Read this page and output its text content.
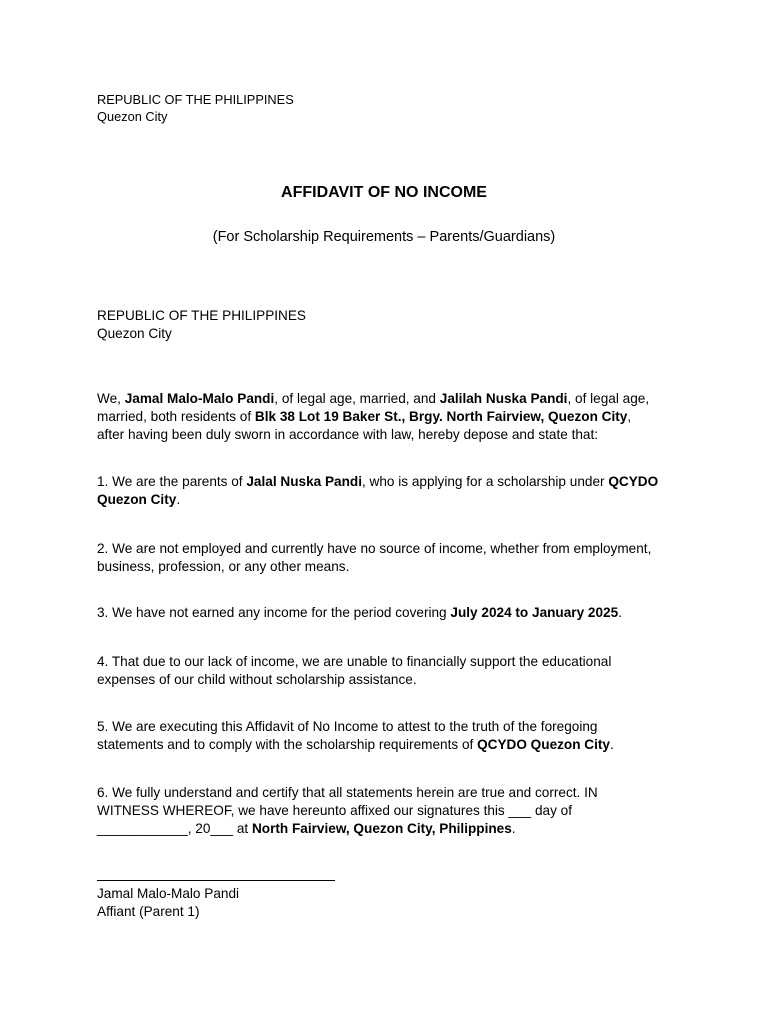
REPUBLIC OF THE PHILIPPINES
Quezon City
AFFIDAVIT OF NO INCOME
(For Scholarship Requirements – Parents/Guardians)
REPUBLIC OF THE PHILIPPINES
Quezon City
We, Jamal Malo-Malo Pandi, of legal age, married, and Jalilah Nuska Pandi, of legal age,
married, both residents of Blk 38 Lot 19 Baker St., Brgy. North Fairview, Quezon City,
after having been duly sworn in accordance with law, hereby depose and state that:
1. We are the parents of Jalal Nuska Pandi, who is applying for a scholarship under QCYDO
Quezon City.
2. We are not employed and currently have no source of income, whether from employment,
business, profession, or any other means.
3. We have not earned any income for the period covering July 2024 to January 2025.
4. That due to our lack of income, we are unable to financially support the educational
expenses of our child without scholarship assistance.
5. We are executing this Affidavit of No Income to attest to the truth of the foregoing
statements and to comply with the scholarship requirements of QCYDO Quezon City.
6. We fully understand and certify that all statements herein are true and correct. IN
WITNESS WHEREOF, we have hereunto affixed our signatures this ___ day of
____________, 20___ at North Fairview, Quezon City, Philippines.
Jamal Malo-Malo Pandi
Affiant (Parent 1)
